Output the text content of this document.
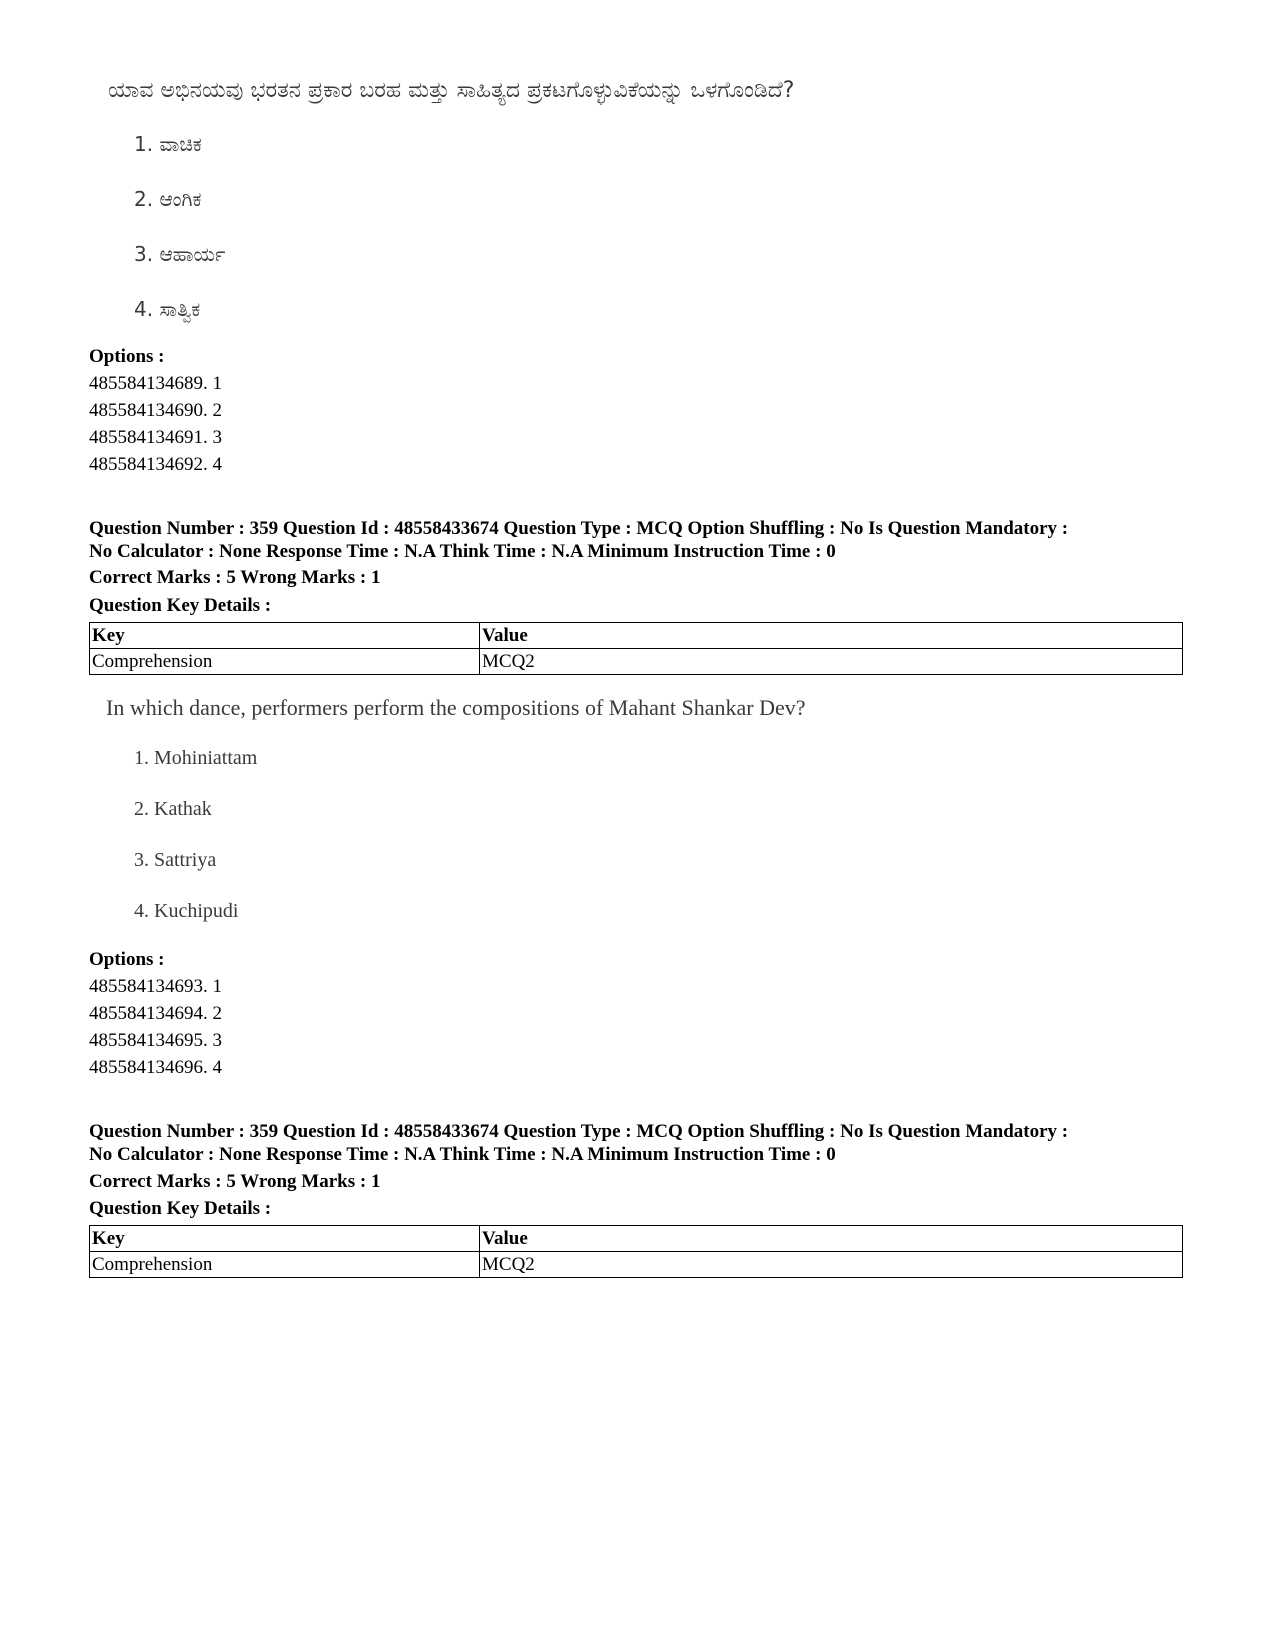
ಯಾವ ಅಭಿನಯವು ಭರತನ ಪ್ರಕಾರ ಬರಹ ಮತ್ತು ಸಾಹಿತ್ಯದ ಪ್ರಕಟಗೊಳ್ಳುವಿಕೆಯನ್ನು ಒಳಗೊಂಡಿದೆ?
1. ವಾಚಿಕ
2. ಆಂಗಿಕ
3. ಆಹಾರ್ಯ
4. ಸಾತ್ವಿಕ
Options :
485584134689. 1
485584134690. 2
485584134691. 3
485584134692. 4
Question Number : 359 Question Id : 48558433674 Question Type : MCQ Option Shuffling : No Is Question Mandatory :
No Calculator : None Response Time : N.A Think Time : N.A Minimum Instruction Time : 0
Correct Marks : 5 Wrong Marks : 1
Question Key Details :
Key	Value
Comprehension	MCQ2
In which dance, performers perform the compositions of Mahant Shankar Dev?
1. Mohiniattam
2. Kathak
3. Sattriya
4. Kuchipudi
Options :
485584134693. 1
485584134694. 2
485584134695. 3
485584134696. 4
Question Number : 359 Question Id : 48558433674 Question Type : MCQ Option Shuffling : No Is Question Mandatory :
No Calculator : None Response Time : N.A Think Time : N.A Minimum Instruction Time : 0
Correct Marks : 5 Wrong Marks : 1
Question Key Details :
Key	Value
Comprehension	MCQ2
